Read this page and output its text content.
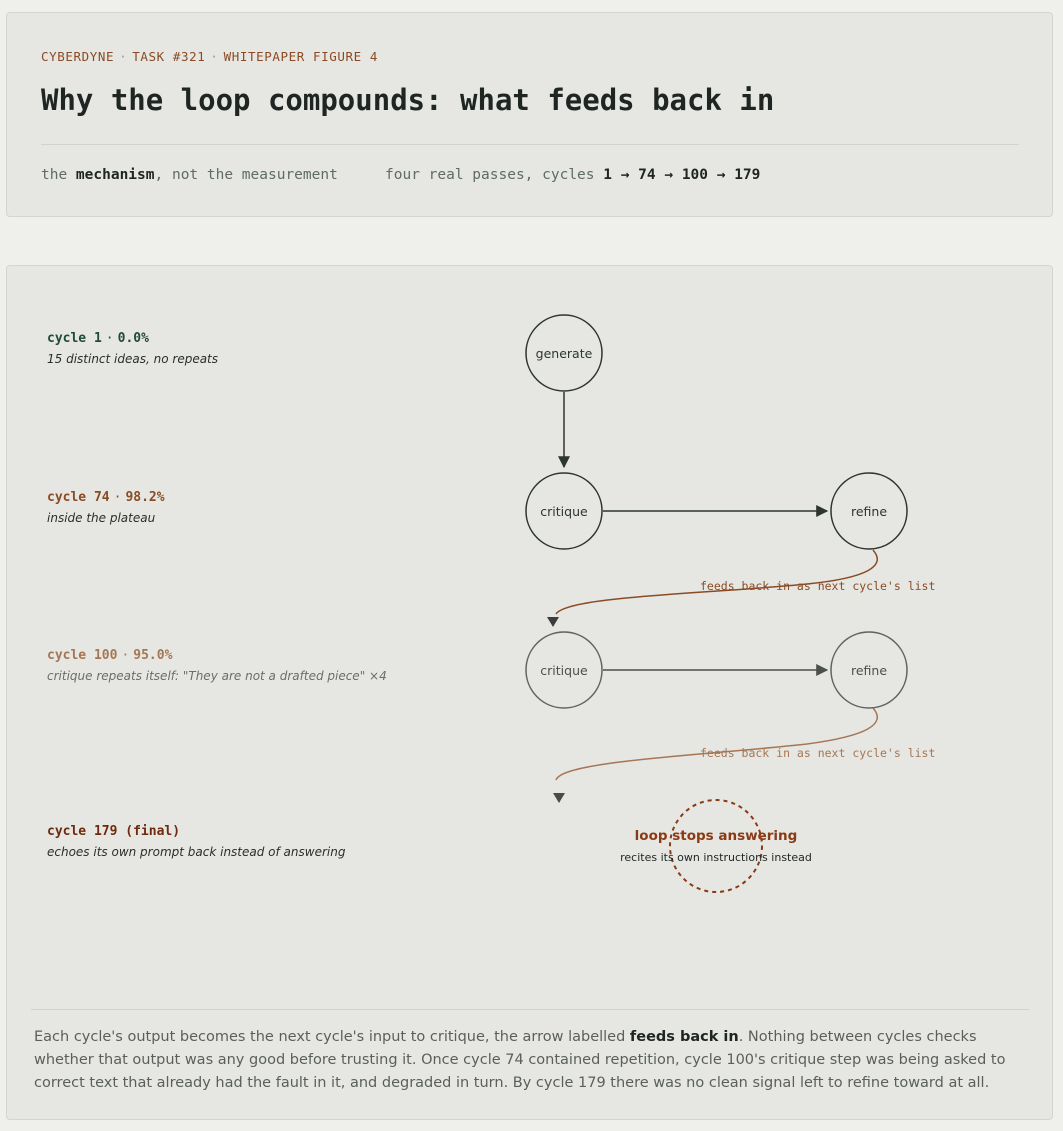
CYBERDYNE · TASK #321 · WHITEPAPER FIGURE 4
Why the loop compounds: what feeds back in
the mechanism, not the measurement	four real passes, cycles 1 → 74 → 100 → 179
cycle 1 · 0.0%
15 distinct ideas, no repeats
cycle 74 · 98.2%
inside the plateau
cycle 100 · 95.0%
critique repeats itself: "They are not a drafted piece" ×4
cycle 179 (final)
echoes its own prompt back instead of answering
generate
critique	refine
critique	refine
feeds back in as next cycle's list
feeds back in as next cycle's list
loop stops answering
recites its own instructions instead
Each cycle's output becomes the next cycle's input to critique, the arrow labelled feeds back in. Nothing between cycles checks whether that output was any good before trusting it. Once cycle 74 contained repetition, cycle 100's critique step was being asked to correct text that already had the fault in it, and degraded in turn. By cycle 179 there was no clean signal left to refine toward at all.
